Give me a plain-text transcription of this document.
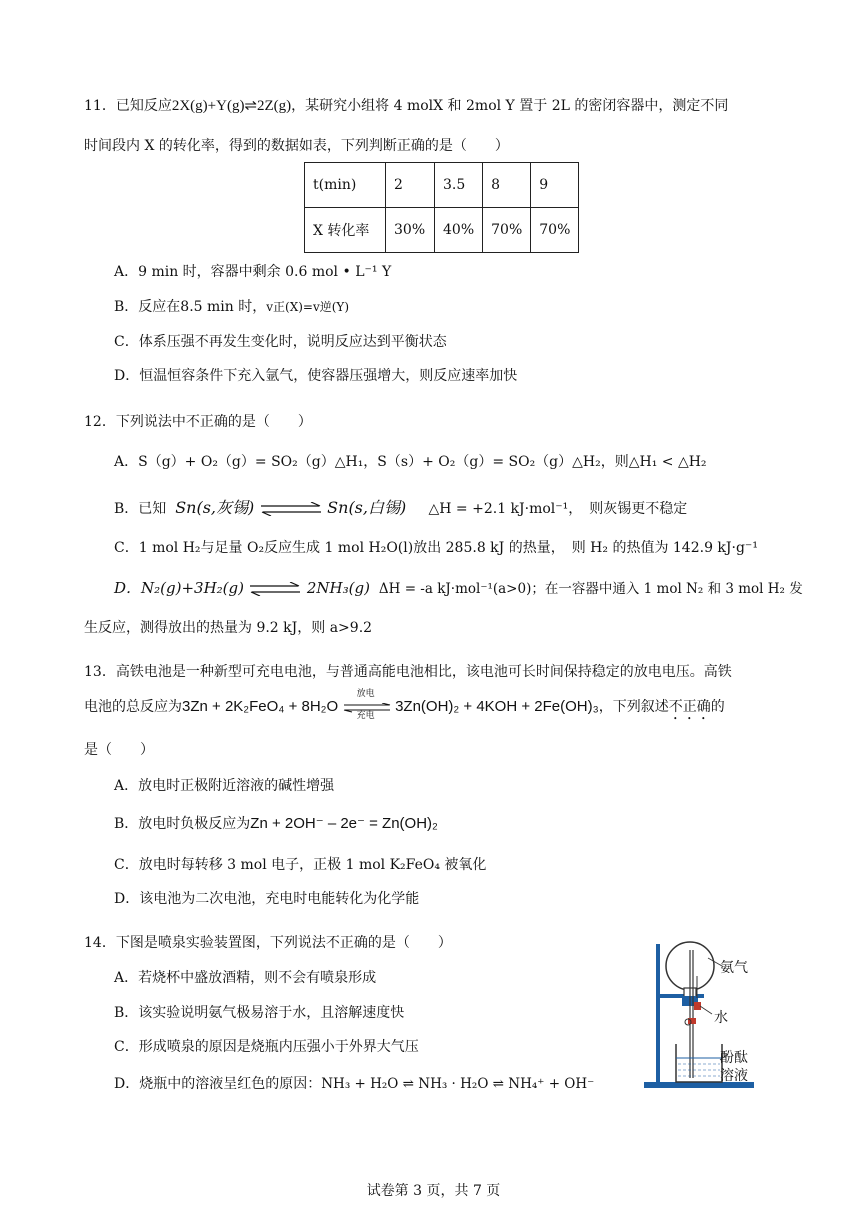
11．已知反应2X(g)+Y(g)⇌2Z(g)，某研究小组将 4 molX 和 2mol Y 置于 2L 的密闭容器中，测定不同
时间段内 X 的转化率，得到的数据如表，下列判断正确的是（　　）
t(min)	2	3.5	8	9
X 转化率	30%	40%	70%	70%
A．9 min 时，容器中剩余 0.6 mol • L⁻¹ Y
B．反应在8.5 min 时，v正(X)=v逆(Y)
C．体系压强不再发生变化时，说明反应达到平衡状态
D．恒温恒容条件下充入氩气，使容器压强增大，则反应速率加快
12．下列说法中不正确的是（　　）
A．S（g）+ O₂（g）= SO₂（g）△H₁，S（s）+ O₂（g）= SO₂（g）△H₂，则△H₁ < △H₂
B．已知 Sn(s,灰锡)	Sn(s,白锡) △H = +2.1 kJ·mol⁻¹，　则灰锡更不稳定
C．1 mol H₂与足量 O₂反应生成 1 mol H₂O(l)放出 285.8 kJ 的热量，　则 H₂ 的热值为 142.9 kJ·g⁻¹
D．N₂(g)+3H₂(g) ⇌ 2NH₃(g) ΔH = -a kJ·mol⁻¹(a>0)；在一容器中通入 1 mol N₂ 和 3 mol H₂ 发
生反应，测得放出的热量为 9.2 kJ，则 a>9.2
13．高铁电池是一种新型可充电电池，与普通高能电池相比，该电池可长时间保持稳定的放电电压。高铁
电池的总反应为3Zn + 2K₂FeO₄ + 8H₂O
放电
充电
3Zn(OH)₂ + 4KOH + 2Fe(OH)₃，下列叙述不正确的
是（　　）
A．放电时正极附近溶液的碱性增强
B．放电时负极反应为Zn + 2OH⁻ – 2e⁻ = Zn(OH)₂
C．放电时每转移 3 mol 电子，正极 1 mol K₂FeO₄ 被氧化
D．该电池为二次电池，充电时电能转化为化学能
14．下图是喷泉实验装置图，下列说法不正确的是（　　）
A．若烧杯中盛放酒精，则不会有喷泉形成
B．该实验说明氨气极易溶于水，且溶解速度快
C．形成喷泉的原因是烧瓶内压强小于外界大气压
D．烧瓶中的溶液呈红色的原因：NH₃ + H₂O ⇌ NH₃ · H₂O ⇌ NH₄⁺ + OH⁻
氨气
水
酚酞
溶液
试卷第 3 页，共 7 页
